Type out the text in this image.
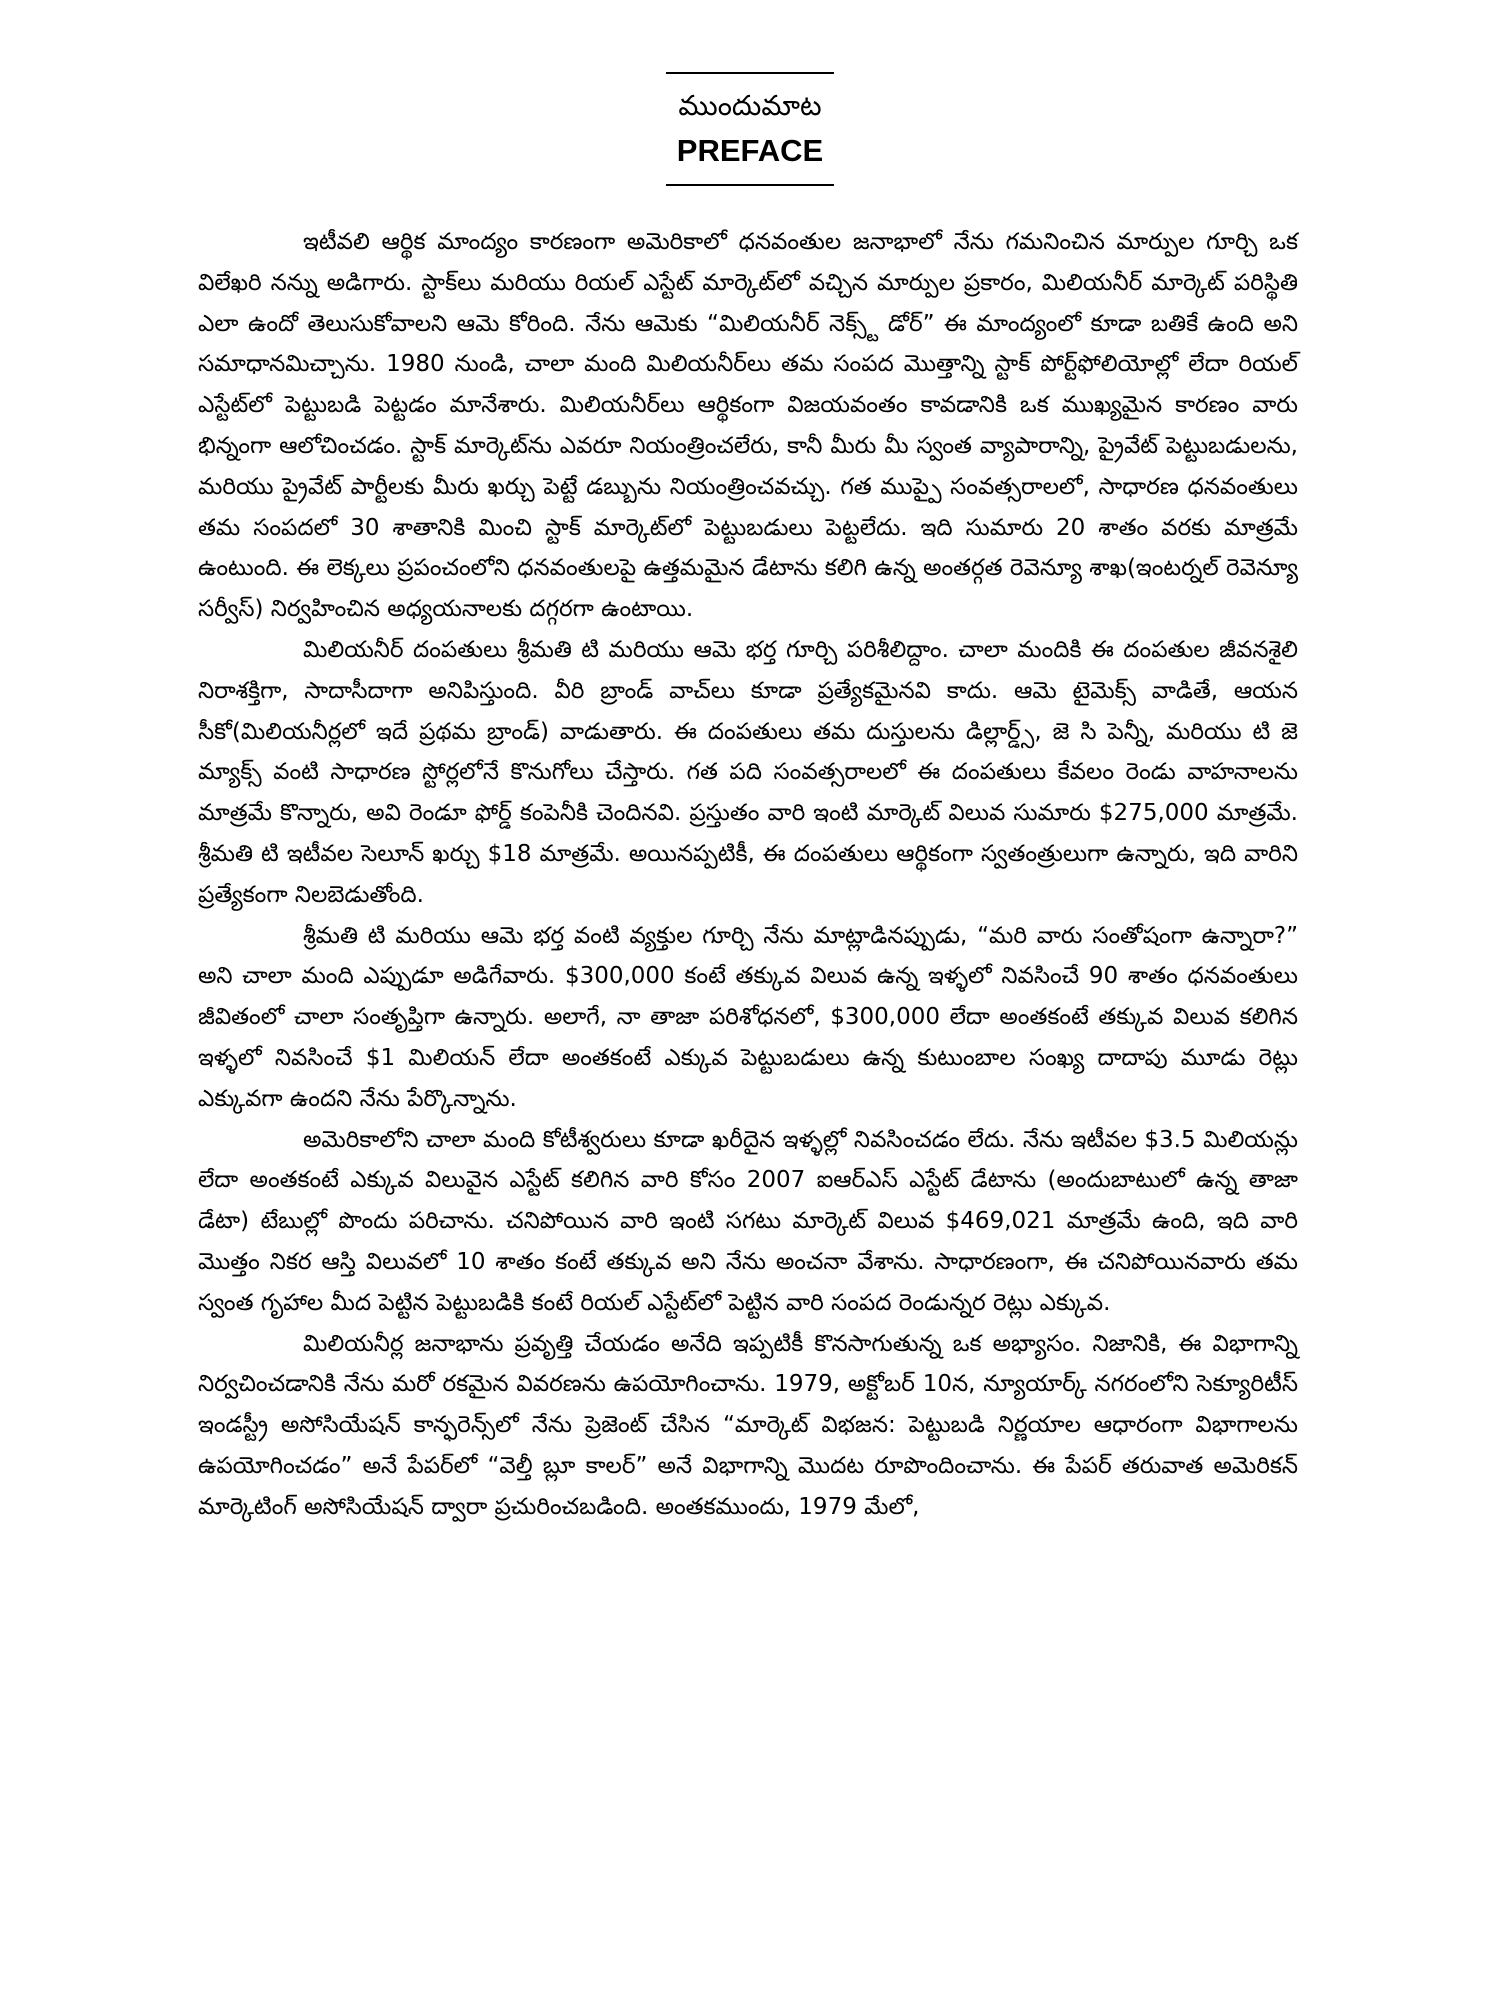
ముందుమాట
PREFACE

ఇటీవలి ఆర్థిక మాంద్యం కారణంగా అమెరికాలో ధనవంతుల జనాభాలో నేను గమనించిన మార్పుల గూర్చి ఒక విలేఖరి నన్ను అడిగారు. స్టాక్‌లు మరియు రియల్ ఎస్టేట్ మార్కెట్‌లో వచ్చిన మార్పుల ప్రకారం, మిలియనీర్ మార్కెట్ పరిస్థితి ఎలా ఉందో తెలుసుకోవాలని ఆమె కోరింది. నేను ఆమెకు “మిలియనీర్ నెక్స్ట్ డోర్” ఈ మాంద్యంలో కూడా బతికే ఉంది అని సమాధానమిచ్చాను. 1980 నుండి, చాలా మంది మిలియనీర్‌లు తమ సంపద మొత్తాన్ని స్టాక్ పోర్ట్‌ఫోలియోల్లో లేదా రియల్ ఎస్టేట్‌లో పెట్టుబడి పెట్టడం మానేశారు. మిలియనీర్‌లు ఆర్థికంగా విజయవంతం కావడానికి ఒక ముఖ్యమైన కారణం వారు భిన్నంగా ఆలోచించడం. స్టాక్ మార్కెట్‌ను ఎవరూ నియంత్రించలేరు, కానీ మీరు మీ స్వంత వ్యాపారాన్ని, ప్రైవేట్ పెట్టుబడులను, మరియు ప్రైవేట్ పార్టీలకు మీరు ఖర్చు పెట్టే డబ్బును నియంత్రించవచ్చు. గత ముప్పై సంవత్సరాలలో, సాధారణ ధనవంతులు తమ సంపదలో 30 శాతానికి మించి స్టాక్ మార్కెట్‌లో పెట్టుబడులు పెట్టలేదు. ఇది సుమారు 20 శాతం వరకు మాత్రమే ఉంటుంది. ఈ లెక్కలు ప్రపంచంలోని ధనవంతులపై ఉత్తమమైన డేటాను కలిగి ఉన్న అంతర్గత రెవెన్యూ శాఖ(ఇంటర్నల్ రెవెన్యూ సర్వీస్) నిర్వహించిన అధ్యయనాలకు దగ్గరగా ఉంటాయి.

మిలియనీర్ దంపతులు శ్రీమతి టి మరియు ఆమె భర్త గూర్చి పరిశీలిద్దాం. చాలా మందికి ఈ దంపతుల జీవనశైలి నిరాశక్తిగా, సాదాసీదాగా అనిపిస్తుంది. వీరి బ్రాండ్ వాచ్‌లు కూడా ప్రత్యేకమైనవి కాదు. ఆమె టైమెక్స్ వాడితే, ఆయన సీకో(మిలియనీర్లలో ఇదే ప్రథమ బ్రాండ్) వాడుతారు. ఈ దంపతులు తమ దుస్తులను డిల్లార్డ్స్, జె సి పెన్నీ, మరియు టి జె మ్యాక్స్ వంటి సాధారణ స్టోర్లలోనే కొనుగోలు చేస్తారు. గత పది సంవత్సరాలలో ఈ దంపతులు కేవలం రెండు వాహనాలను మాత్రమే కొన్నారు, అవి రెండూ ఫోర్డ్ కంపెనీకి చెందినవి. ప్రస్తుతం వారి ఇంటి మార్కెట్ విలువ సుమారు $275,000 మాత్రమే. శ్రీమతి టి ఇటీవల సెలూన్ ఖర్చు $18 మాత్రమే. అయినప్పటికీ, ఈ దంపతులు ఆర్థికంగా స్వతంత్రులుగా ఉన్నారు, ఇది వారిని ప్రత్యేకంగా నిలబెడుతోంది.

శ్రీమతి టి మరియు ఆమె భర్త వంటి వ్యక్తుల గూర్చి నేను మాట్లాడినప్పుడు, “మరి వారు సంతోషంగా ఉన్నారా?” అని చాలా మంది ఎప్పుడూ అడిగేవారు. $300,000 కంటే తక్కువ విలువ ఉన్న ఇళ్ళలో నివసించే 90 శాతం ధనవంతులు జీవితంలో చాలా సంతృప్తిగా ఉన్నారు. అలాగే, నా తాజా పరిశోధనలో, $300,000 లేదా అంతకంటే తక్కువ విలువ కలిగిన ఇళ్ళలో నివసించే $1 మిలియన్ లేదా అంతకంటే ఎక్కువ పెట్టుబడులు ఉన్న కుటుంబాల సంఖ్య దాదాపు మూడు రెట్లు ఎక్కువగా ఉందని నేను పేర్కొన్నాను.

అమెరికాలోని చాలా మంది కోటీశ్వరులు కూడా ఖరీదైన ఇళ్ళల్లో నివసించడం లేదు. నేను ఇటీవల $3.5 మిలియన్లు లేదా అంతకంటే ఎక్కువ విలువైన ఎస్టేట్ కలిగిన వారి కోసం 2007 ఐఆర్ఎస్ ఎస్టేట్ డేటాను (అందుబాటులో ఉన్న తాజా డేటా) టేబుల్లో పొందు పరిచాను. చనిపోయిన వారి ఇంటి సగటు మార్కెట్ విలువ $469,021 మాత్రమే ఉంది, ఇది వారి మొత్తం నికర ఆస్తి విలువలో 10 శాతం కంటే తక్కువ అని నేను అంచనా వేశాను. సాధారణంగా, ఈ చనిపోయినవారు తమ స్వంత గృహాల మీద పెట్టిన పెట్టుబడికి కంటే రియల్ ఎస్టేట్‌లో పెట్టిన వారి సంపద రెండున్నర రెట్లు ఎక్కువ.

మిలియనీర్ల జనాభాను ప్రవృత్తి చేయడం అనేది ఇప్పటికీ కొనసాగుతున్న ఒక అభ్యాసం. నిజానికి, ఈ విభాగాన్ని నిర్వచించడానికి నేను మరో రకమైన వివరణను ఉపయోగించాను. 1979, అక్టోబర్ 10న, న్యూయార్క్ నగరంలోని సెక్యూరిటీస్ ఇండస్ట్రీ అసోసియేషన్ కాన్ఫరెన్స్‌లో నేను ప్రెజెంట్ చేసిన “మార్కెట్ విభజన: పెట్టుబడి నిర్ణయాల ఆధారంగా విభాగాలను ఉపయోగించడం” అనే పేపర్‌లో “వెల్తీ బ్లూ కాలర్” అనే విభాగాన్ని మొదట రూపొందించాను. ఈ పేపర్ తరువాత అమెరికన్ మార్కెటింగ్ అసోసియేషన్ ద్వారా ప్రచురించబడింది. అంతకముందు, 1979 మేలో,
